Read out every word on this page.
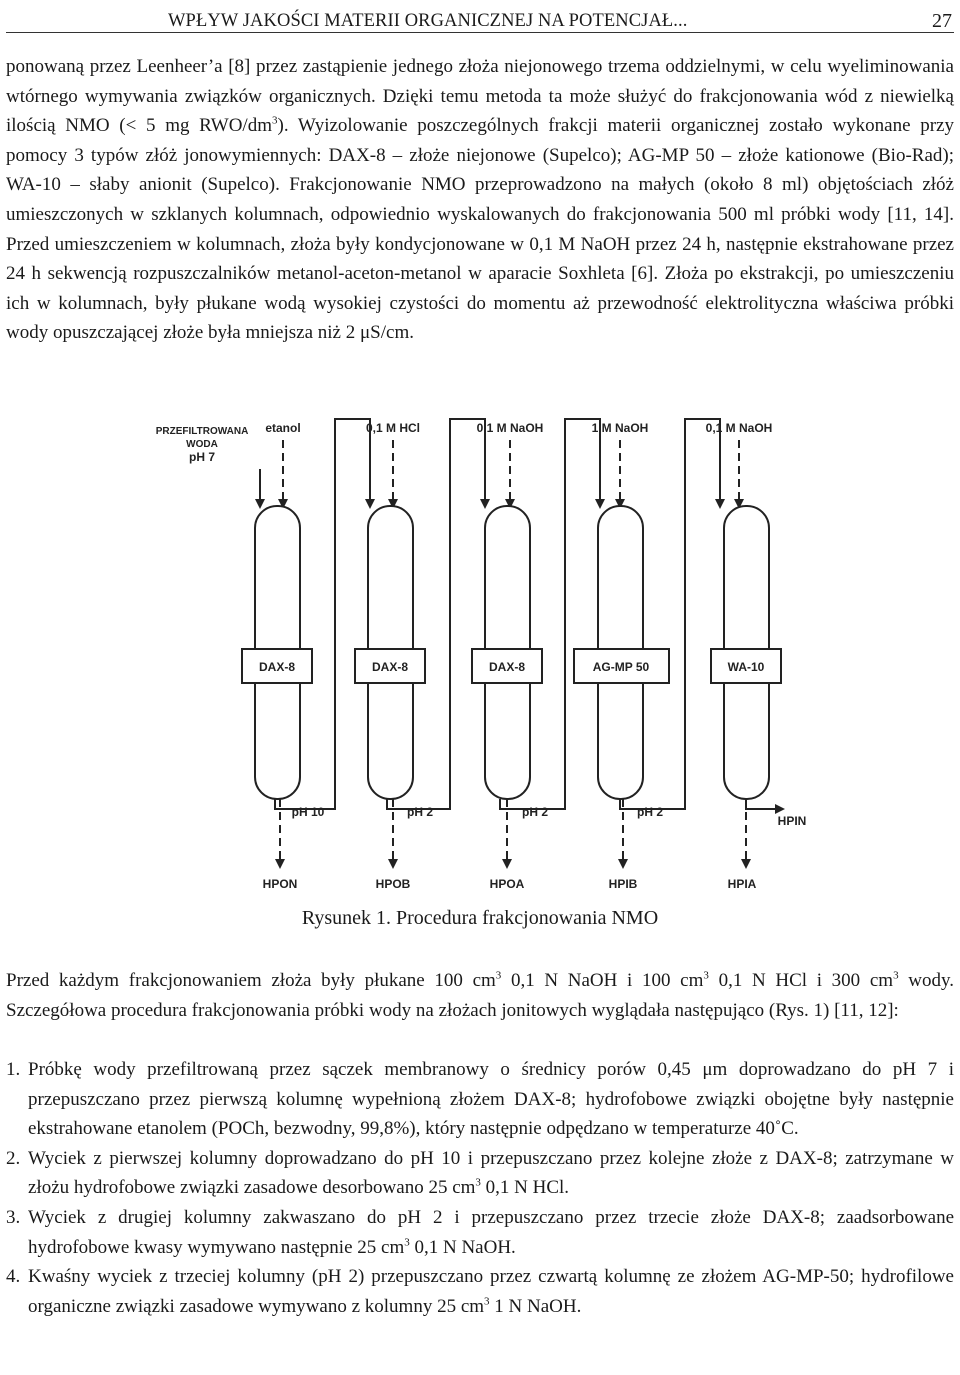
WPŁYW JAKOŚCI MATERII ORGANICZNEJ NA POTENCJAŁ...	27

ponowaną przez Leenheer’a [8] przez zastąpienie jednego złoża niejonowego trzema oddzielnymi, w celu wyeliminowania wtórnego wymywania związków organicznych. Dzięki temu metoda ta może służyć do frakcjonowania wód z niewielką ilością NMO (< 5 mg RWO/$dm^3$). Wyizolowanie poszczególnych frakcji materii organicznej zostało wykonane przy pomocy 3 typów złóż jonowymiennych: DAX-8 – złoże niejonowe (Supelco); AG-MP 50 – złoże kationowe (Bio-Rad); WA-10 – słaby anionit (Supelco). Frakcjonowanie NMO przeprowadzono na małych (około 8 ml) objętościach złóż umieszczonych w szklanych kolumnach, odpowiednio wyskalowanych do frakcjonowania 500 ml próbki wody [11, 14]. Przed umieszczeniem w kolumnach, złoża były kondycjonowane w 0,1 M NaOH przez 24 h, następnie ekstrahowane przez 24 h sekwencją rozpuszczalników metanol-aceton-metanol w aparacie Soxhleta [6]. Złoża po ekstrakcji, po umieszczeniu ich w kolumnach, były płukane wodą wysokiej czystości do momentu aż przewodność elektrolityczna właściwa próbki wody opuszczającej złoże była mniejsza niż 2 μS/cm.

PRZEFILTROWANA
WODA
pH 7
etanol	0,1 M HCl	0,1 M NaOH	1 M NaOH	0,1 M NaOH
DAX-8	DAX-8	DAX-8	AG-MP 50	WA-10
pH 10	pH 2	pH 2	pH 2
HPON	HPOB	HPOA	HPIB	HPIA
HPIN
Rysunek 1. Procedura frakcjonowania NMO

Przed każdym frakcjonowaniem złoża były płukane 100 $cm^3$ 0,1 N NaOH i 100 $cm^3$ 0,1 N HCl i 300 $cm^3$ wody. Szczegółowa procedura frakcjonowania próbki wody na złożach jonitowych wyglądała następująco (Rys. 1) [11, 12]:

1. Próbkę wody przefiltrowaną przez sączek membranowy o średnicy porów 0,45 μm doprowadzano do pH 7 i przepuszczano przez pierwszą kolumnę wypełnioną złożem DAX-8; hydrofobowe związki obojętne były następnie ekstrahowane etanolem (POCh, bezwodny, 99,8%), który następnie odpędzano w temperaturze 40˚C.
2. Wyciek z pierwszej kolumny doprowadzano do pH 10 i przepuszczano przez kolejne złoże z DAX-8; zatrzymane w złożu hydrofobowe związki zasadowe desorbowano 25 $cm^3$ 0,1 N HCl.
3. Wyciek z drugiej kolumny zakwaszano do pH 2 i przepuszczano przez trzecie złoże DAX-8; zaadsorbowane hydrofobowe kwasy wymywano następnie 25 $cm^3$ 0,1 N NaOH.
4. Kwaśny wyciek z trzeciej kolumny (pH 2) przepuszczano przez czwartą kolumnę ze złożem AG-MP-50; hydrofilowe organiczne związki zasadowe wymywano z kolumny 25 $cm^3$ 1 N NaOH.
